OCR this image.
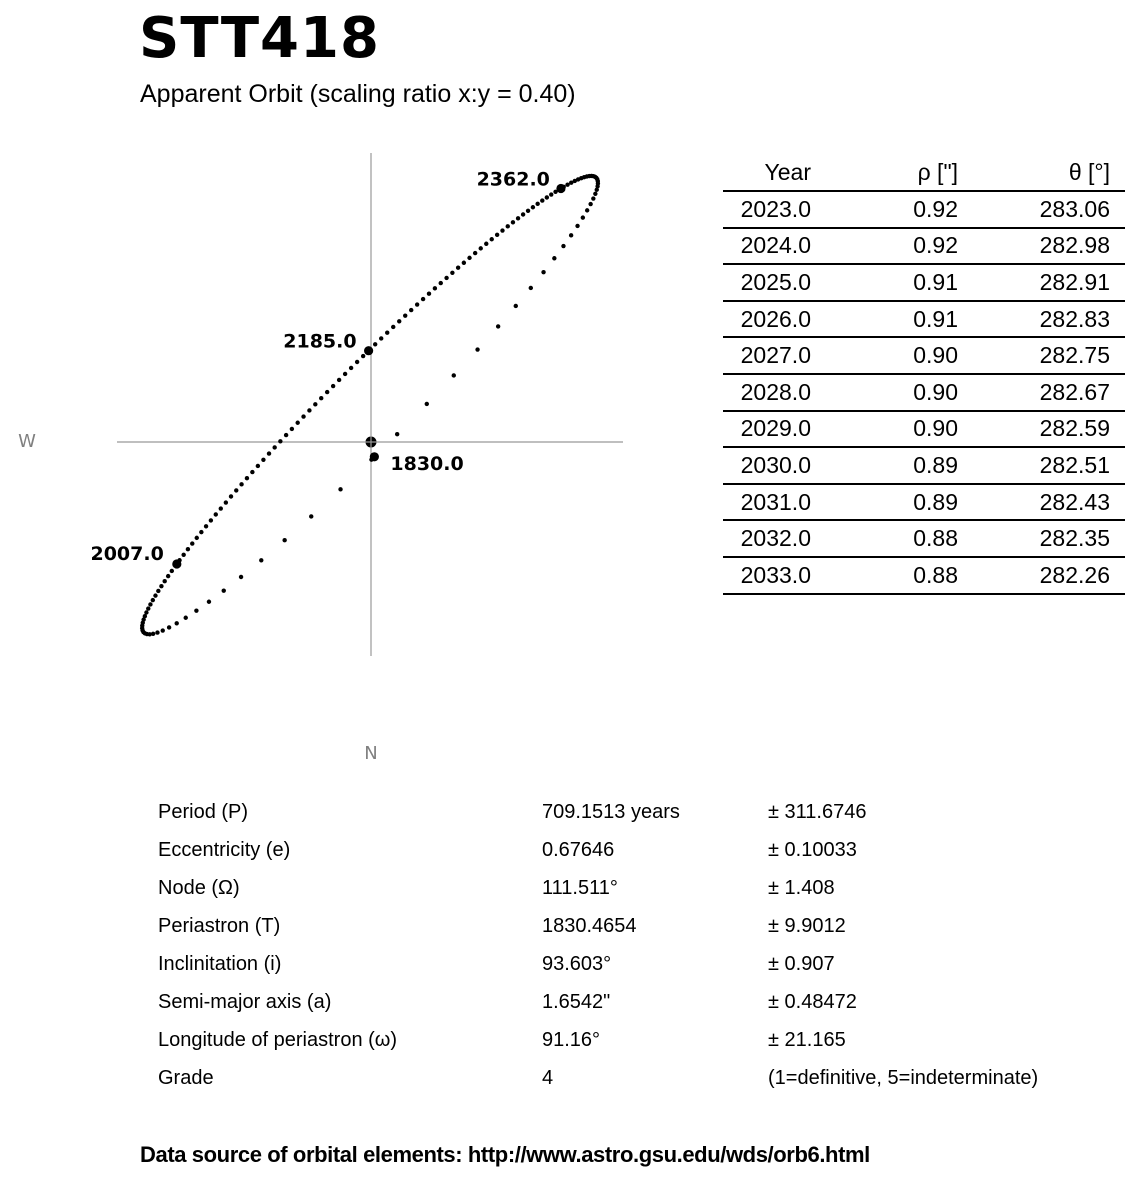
STT418
Apparent Orbit (scaling ratio x:y = 0.40)
1830.0
2007.0
2185.0
2362.0
W
N
Year	ρ ["]	θ [°]
2023.0	0.92	283.06
2024.0	0.92	282.98
2025.0	0.91	282.91
2026.0	0.91	282.83
2027.0	0.90	282.75
2028.0	0.90	282.67
2029.0	0.90	282.59
2030.0	0.89	282.51
2031.0	0.89	282.43
2032.0	0.88	282.35
2033.0	0.88	282.26
Period (P)	709.1513 years	± 311.6746
Eccentricity (e)	0.67646	± 0.10033
Node (Ω)	111.511°	± 1.408
Periastron (T)	1830.4654	± 9.9012
Inclinitation (i)	93.603°	± 0.907
Semi-major axis (a)	1.6542"	± 0.48472
Longitude of periastron (ω)	91.16°	± 21.165
Grade	4	(1=definitive, 5=indeterminate)
Data source of orbital elements: http://www.astro.gsu.edu/wds/orb6.html
